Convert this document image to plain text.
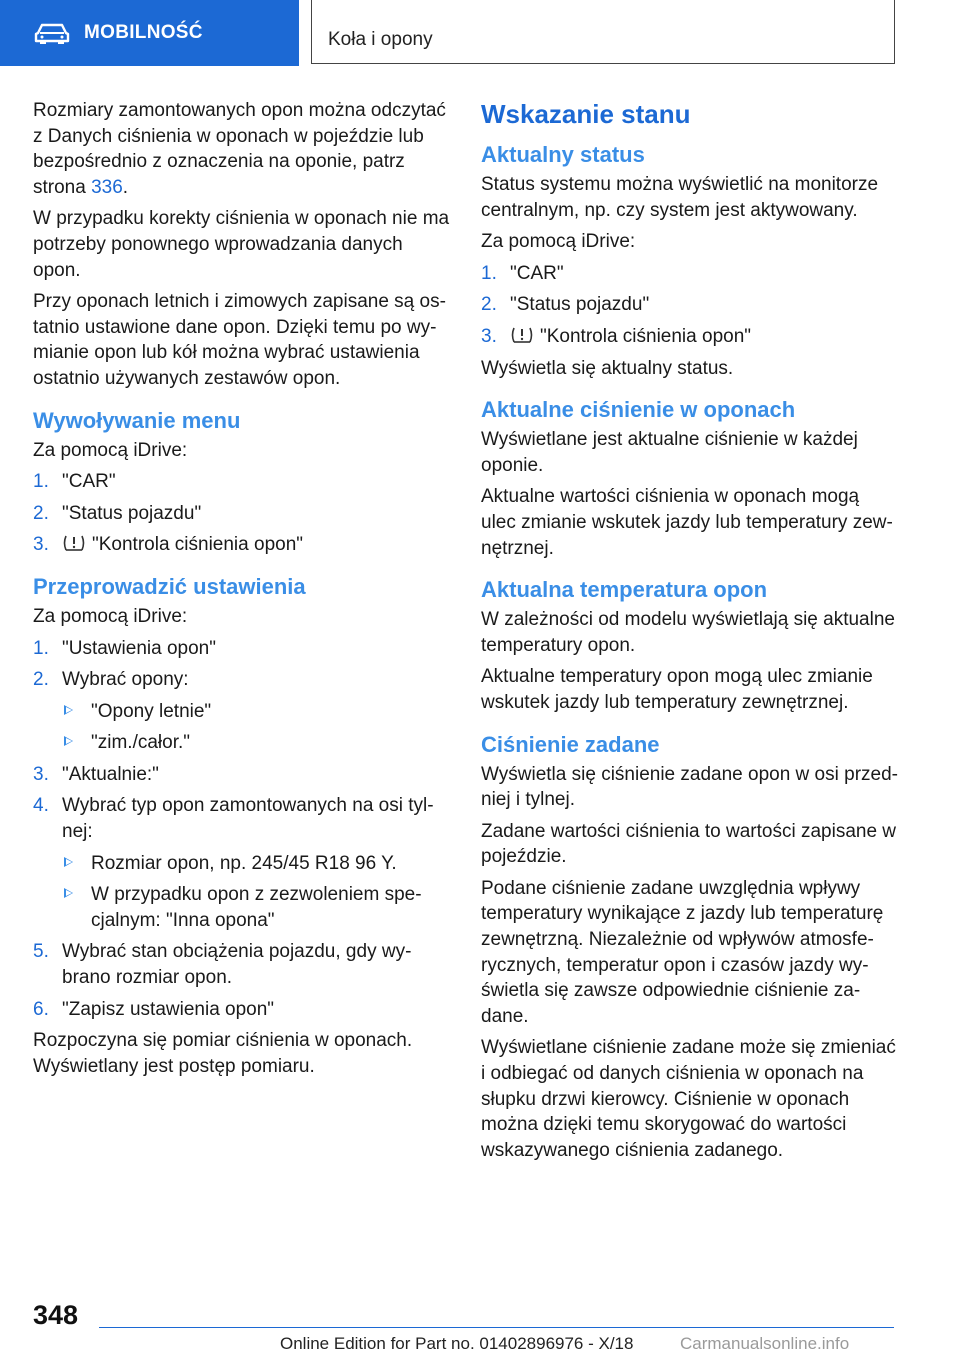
MOBILNOŚĆ	Koła i opony

Rozmiary zamontowanych opon można odczytać z Danych ciśnienia w oponach w pojeździe lub bezpośrednio z oznaczenia na oponie, patrz strona 336.

W przypadku korekty ciśnienia w oponach nie ma potrzeby ponownego wprowadzania danych opon.

Przy oponach letnich i zimowych zapisane są ostatnio ustawione dane opon. Dzięki temu po wymianie opon lub kół można wybrać ustawienia ostatnio używanych zestawów opon.

Wywoływanie menu

Za pomocą iDrive:

1. "CAR"
2. "Status pojazdu"
3. "Kontrola ciśnienia opon"
Przeprowadzić ustawienia

Za pomocą iDrive:

1. "Ustawienia opon"
2. Wybrać opony:
"Opony letnie"
"zim./całor."
3. "Aktualnie:"
4. Wybrać typ opon zamontowanych na osi tylnej:
Rozmiar opon, np. 245/45 R18 96 Y.
W przypadku opon z zezwoleniem specjalnym: "Inna opona"
5. Wybrać stan obciążenia pojazdu, gdy wybrano rozmiar opon.
6. "Zapisz ustawienia opon"

Rozpoczyna się pomiar ciśnienia w oponach. Wyświetlany jest postęp pomiaru.

Wskazanie stanu
Aktualny status

Status systemu można wyświetlić na monitorze centralnym, np. czy system jest aktywowany.

Za pomocą iDrive:

1. "CAR"
2. "Status pojazdu"
3. "Kontrola ciśnienia opon"

Wyświetla się aktualny status.

Aktualne ciśnienie w oponach

Wyświetlane jest aktualne ciśnienie w każdej oponie.

Aktualne wartości ciśnienia w oponach mogą ulec zmianie wskutek jazdy lub temperatury zewnętrznej.

Aktualna temperatura opon

W zależności od modelu wyświetlają się aktualne temperatury opon.

Aktualne temperatury opon mogą ulec zmianie wskutek jazdy lub temperatury zewnętrznej.

Ciśnienie zadane

Wyświetla się ciśnienie zadane opon w osi przedniej i tylnej.

Zadane wartości ciśnienia to wartości zapisane w pojeździe.

Podane ciśnienie zadane uwzględnia wpływy temperatury wynikające z jazdy lub temperaturę zewnętrzną. Niezależnie od wpływów atmosferycznych, temperatur opon i czasów jazdy wyświetla się zawsze odpowiednie ciśnienie zadane.

Wyświetlane ciśnienie zadane może się zmieniać i odbiegać od danych ciśnienia w oponach na słupku drzwi kierowcy. Ciśnienie w oponach można dzięki temu skorygować do wartości wskazywanego ciśnienia zadanego.

348
Online Edition for Part no. 01402896976 - X/18	Carmanualsonline.info
